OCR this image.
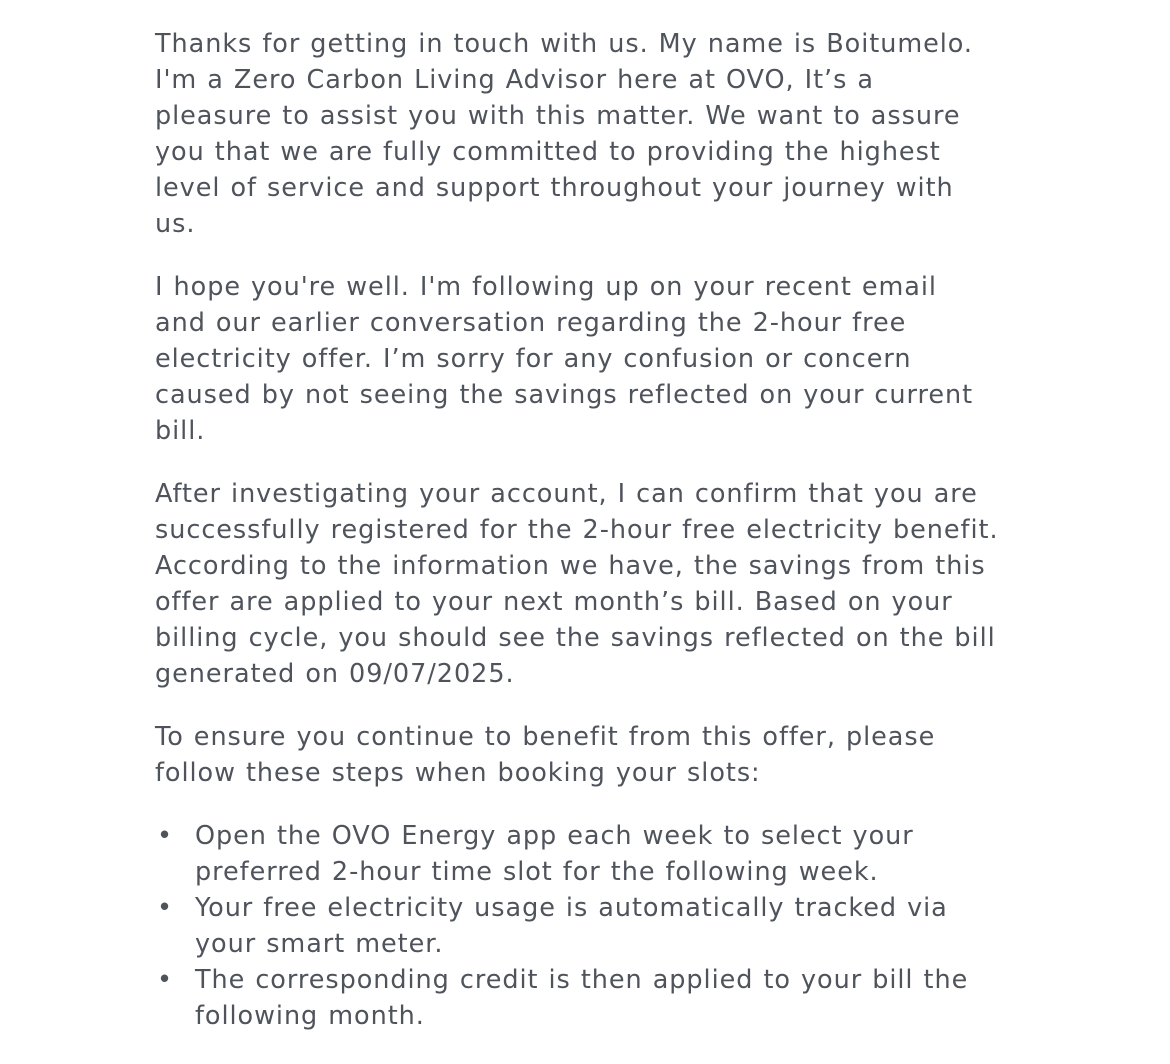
Thanks for getting in touch with us. My name is Boitumelo. I'm a Zero Carbon Living Advisor here at OVO, It’s a pleasure to assist you with this matter. We want to assure you that we are fully committed to providing the highest level of service and support throughout your journey with us.

I hope you're well. I'm following up on your recent email and our earlier conversation regarding the 2-hour free electricity offer. I’m sorry for any confusion or concern caused by not seeing the savings reflected on your current bill.

After investigating your account, I can confirm that you are successfully registered for the 2-hour free electricity benefit. According to the information we have, the savings from this offer are applied to your next month’s bill. Based on your billing cycle, you should see the savings reflected on the bill generated on 09/07/2025.

To ensure you continue to benefit from this offer, please follow these steps when booking your slots:

• Open the OVO Energy app each week to select your preferred 2-hour time slot for the following week.
• Your free electricity usage is automatically tracked via your smart meter.
• The corresponding credit is then applied to your bill the following month.
